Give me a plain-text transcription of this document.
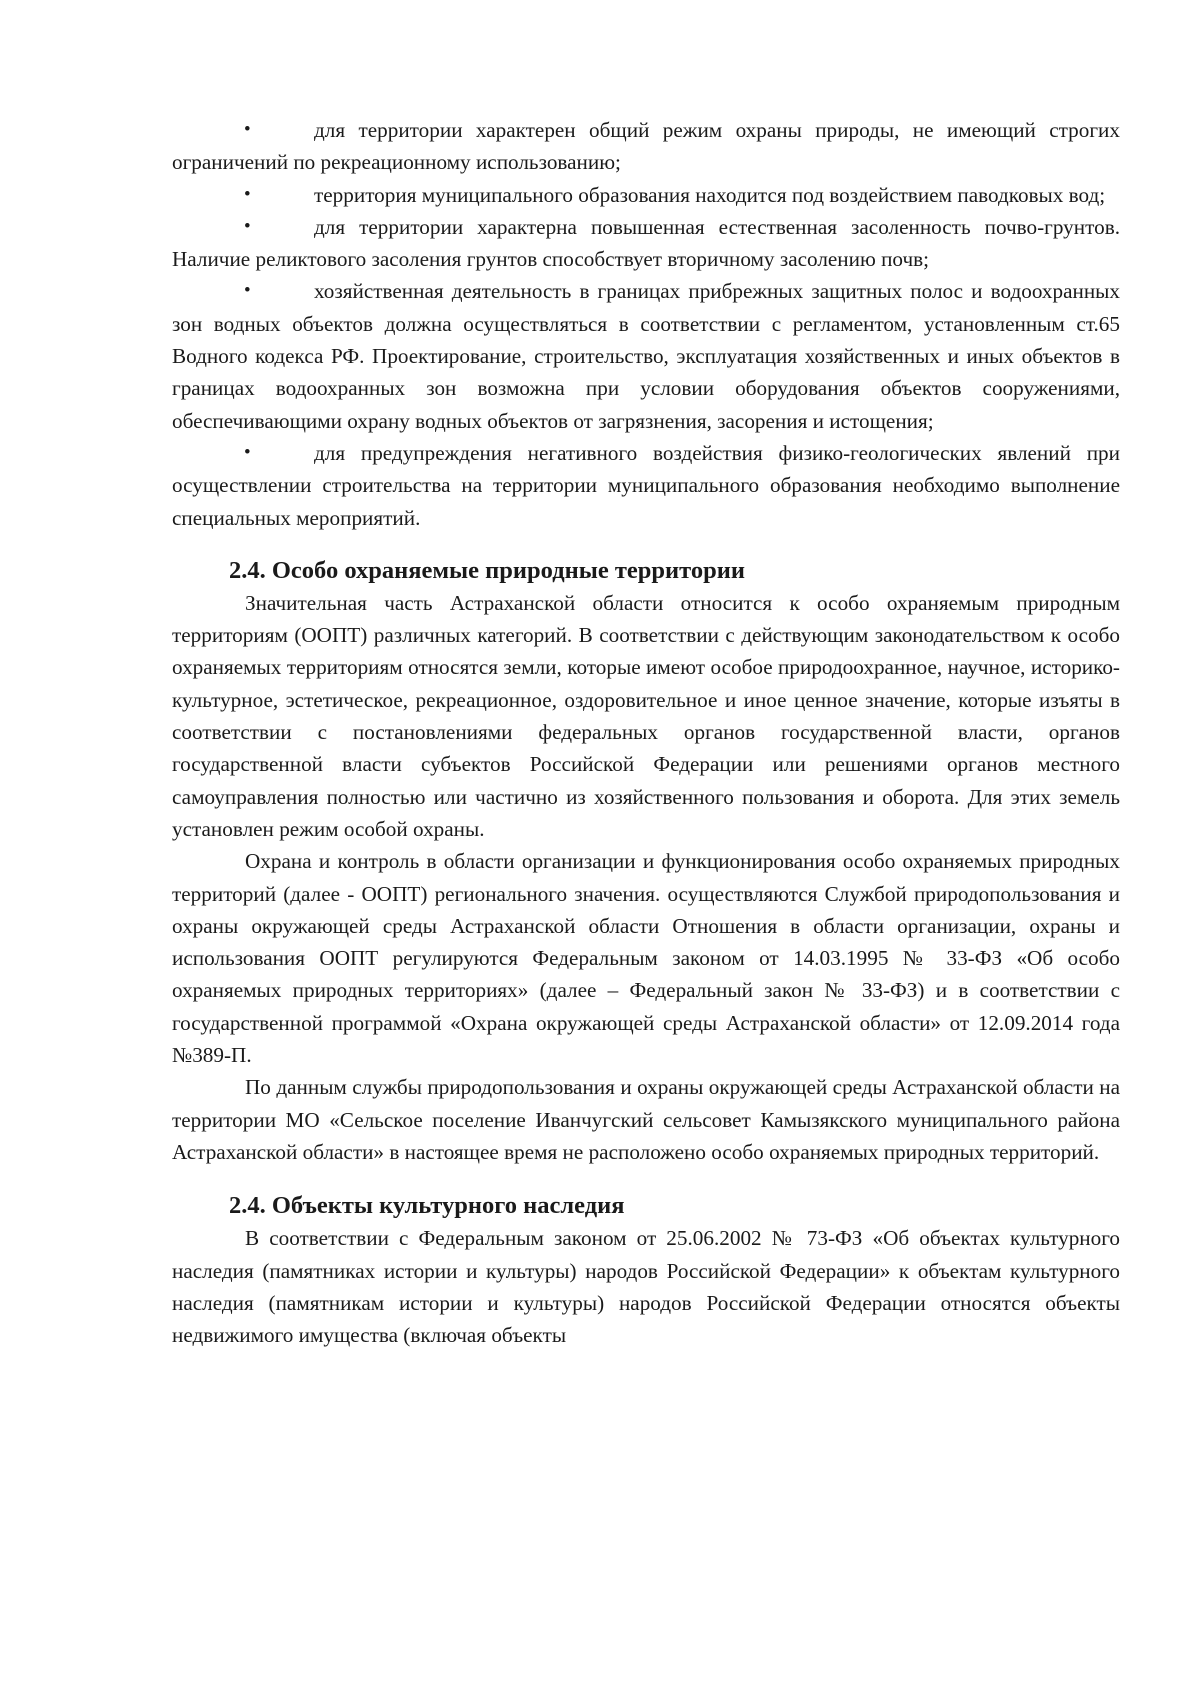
•	для территории характерен общий режим охраны природы, не имеющий строгих ограничений по рекреационному использованию;

•	территория муниципального образования находится под воздействием паводковых вод;

•	для территории характерна повышенная естественная засоленность почво-грунтов. Наличие реликтового засоления грунтов способствует вторичному засолению почв;

•	хозяйственная деятельность в границах прибрежных защитных полос и водоохранных зон водных объектов должна осуществляться в соответствии с регламентом, установленным ст.65 Водного кодекса РФ. Проектирование, строительство, эксплуатация хозяйственных и иных объектов в границах водоохранных зон возможна при условии оборудования объектов сооружениями, обеспечивающими охрану водных объектов от загрязнения, засорения и истощения;

•	для предупреждения негативного воздействия физико-геологических явлений при осуществлении строительства на территории муниципального образования необходимо выполнение специальных мероприятий.

2.4. Особо охраняемые природные территории

Значительная часть Астраханской области относится к особо охраняемым природным территориям (ООПТ) различных категорий. В соответствии с действующим законодательством к особо охраняемых территориям относятся земли, которые имеют особое природоохранное, научное, историко-культурное, эстетическое, рекреационное, оздоровительное и иное ценное значение, которые изъяты в соответствии с постановлениями федеральных органов государственной власти, органов государственной власти субъектов Российской Федерации или решениями органов местного самоуправления полностью или частично из хозяйственного пользования и оборота. Для этих земель установлен режим особой охраны.

Охрана и контроль в области организации и функционирования особо охраняемых природных территорий (далее - ООПТ) регионального значения. осуществляются Службой природопользования и охраны окружающей среды Астраханской области Отношения в области организации, охраны и использования ООПТ регулируются Федеральным законом от 14.03.1995 № 33-ФЗ «Об особо охраняемых природных территориях» (далее – Федеральный закон № 33-ФЗ) и в соответствии с государственной программой «Охрана окружающей среды Астраханской области» от 12.09.2014 года №389-П.

По данным службы природопользования и охраны окружающей среды Астраханской области на территории МО «Сельское поселение Иванчугский сельсовет Камызякского муниципального района Астраханской области» в настоящее время не расположено особо охраняемых природных территорий.

2.4. Объекты культурного наследия

В соответствии с Федеральным законом от 25.06.2002 № 73-ФЗ «Об объектах культурного наследия (памятниках истории и культуры) народов Российской Федерации» к объектам культурного наследия (памятникам истории и культуры) народов Российской Федерации относятся объекты недвижимого имущества (включая объекты
